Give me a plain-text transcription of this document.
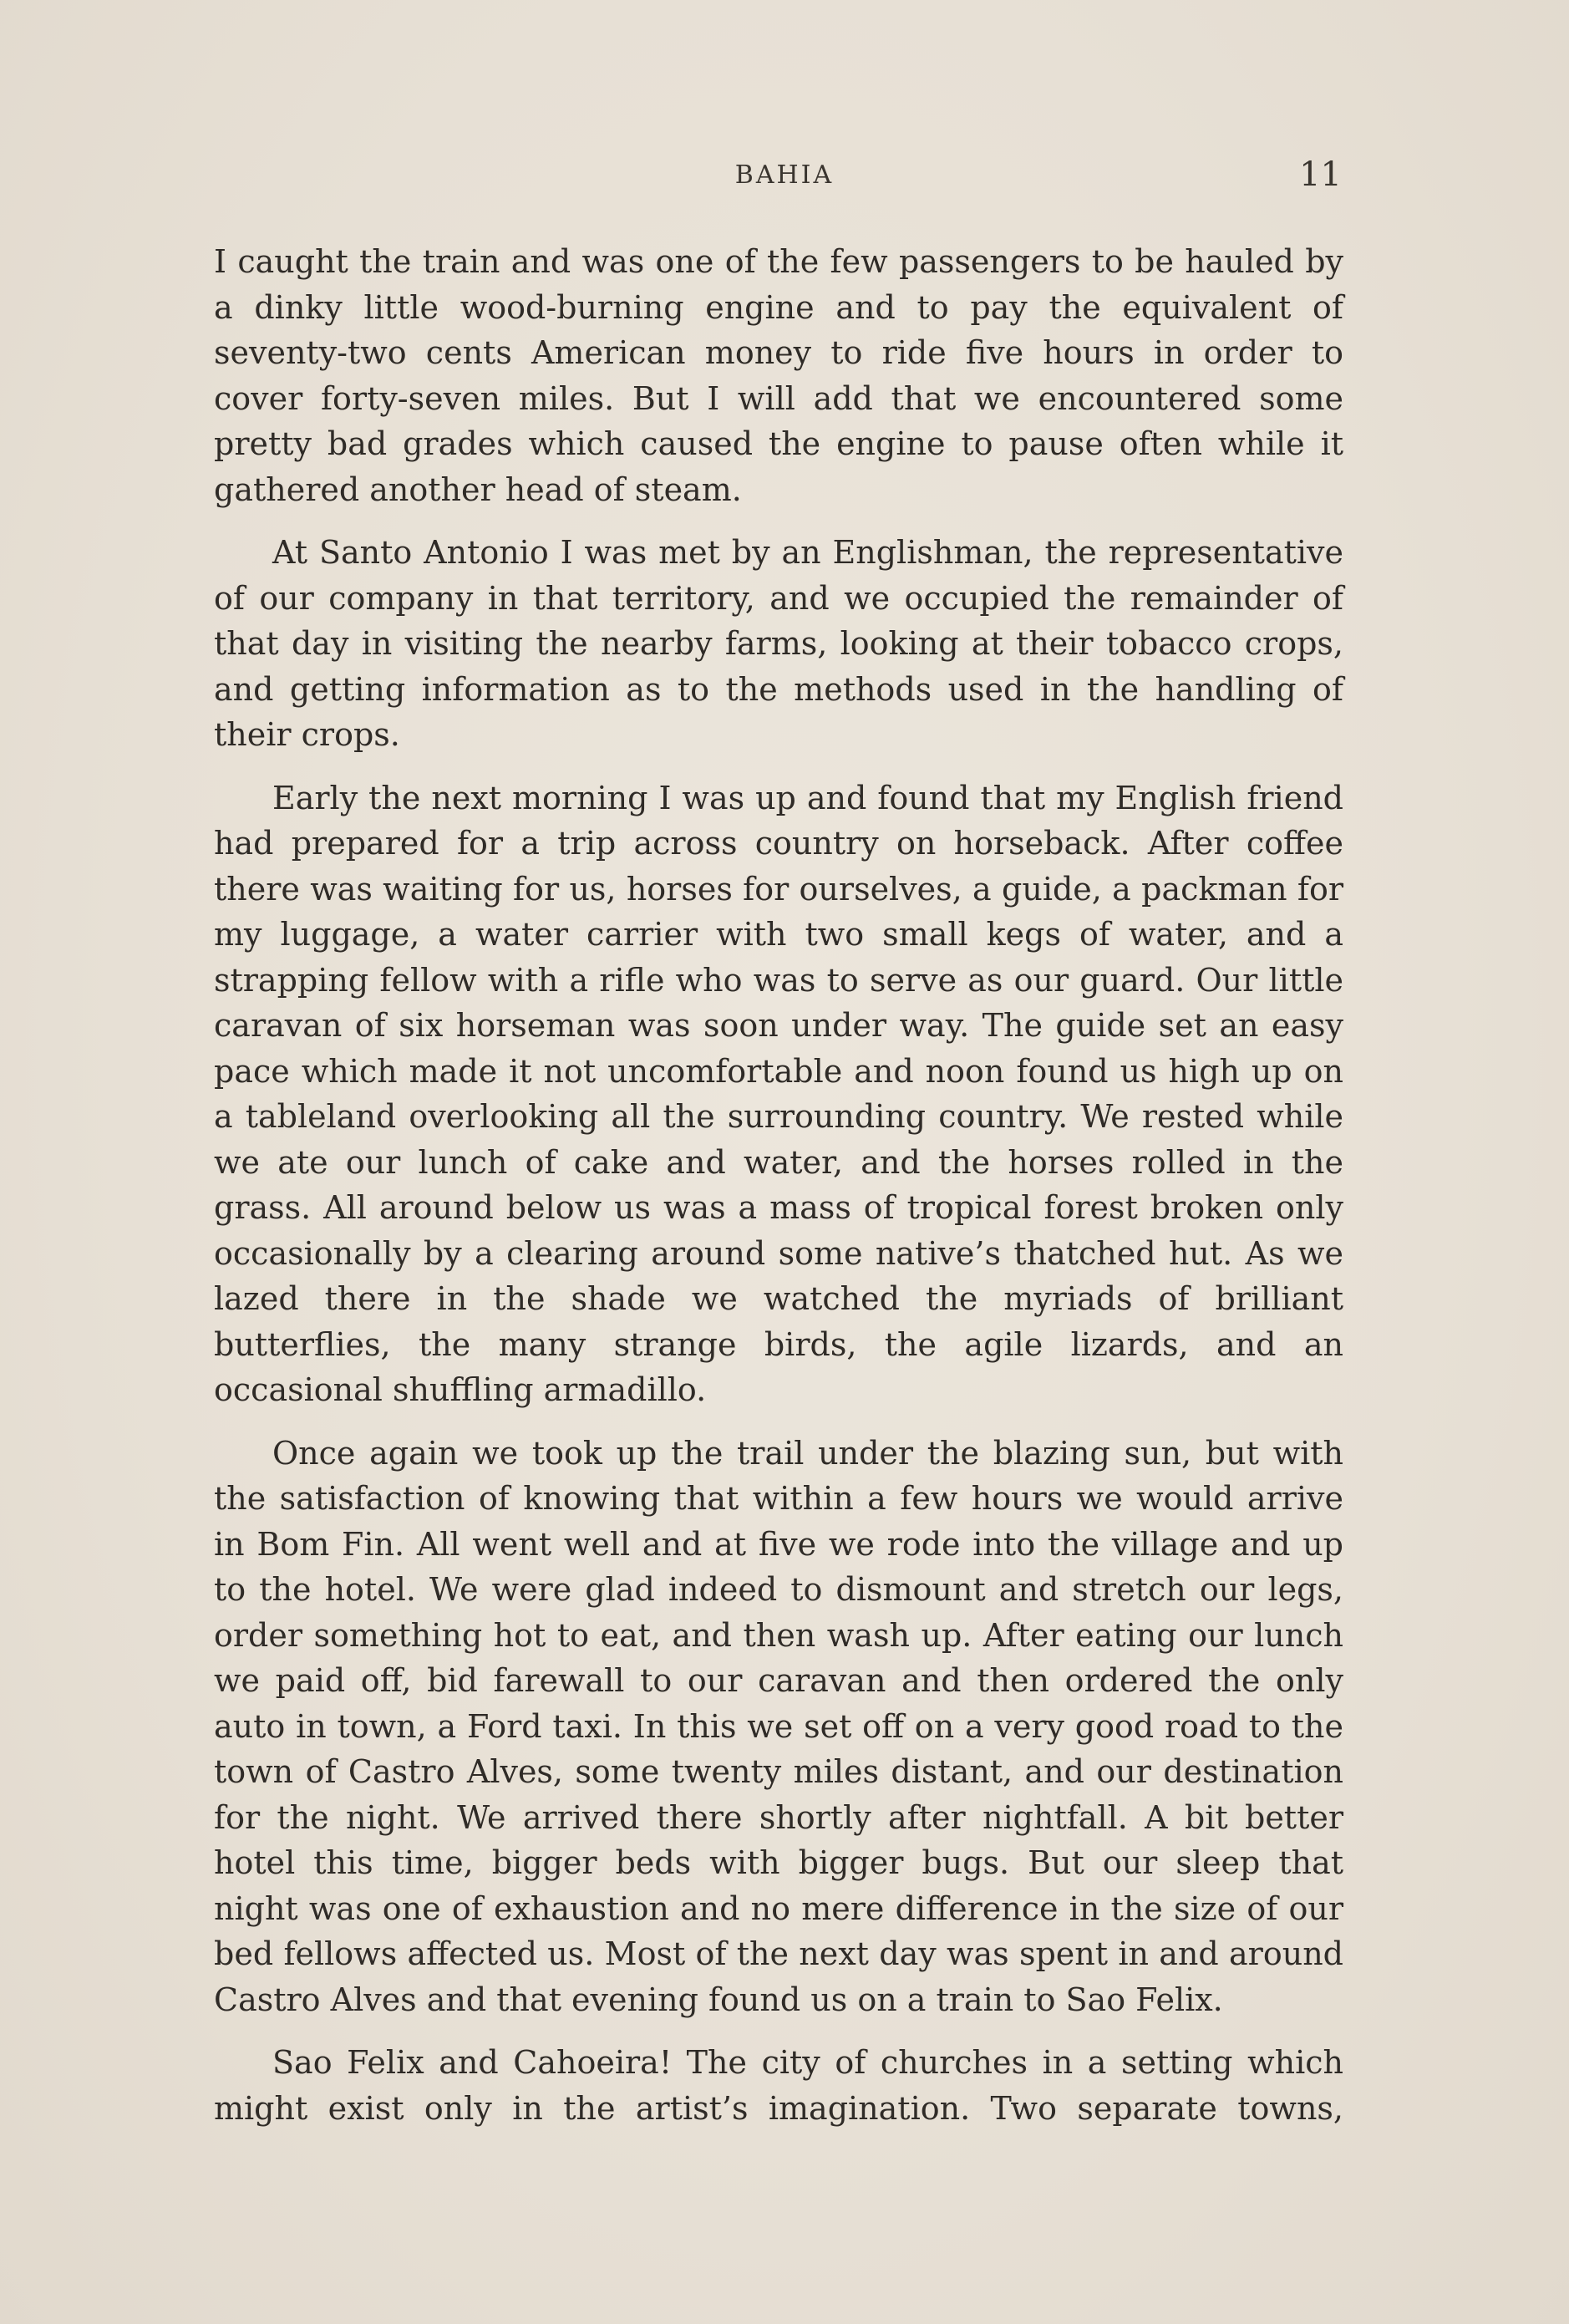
BAHIA	11

I caught the train and was one of the few passengers to be hauled by a dinky little wood-burning engine and to pay the equivalent of seventy-two cents American money to ride five hours in order to cover forty-seven miles. But I will add that we encountered some pretty bad grades which caused the engine to pause often while it gathered another head of steam.

At Santo Antonio I was met by an Englishman, the representative of our company in that territory, and we occupied the remainder of that day in visiting the nearby farms, looking at their tobacco crops, and getting information as to the methods used in the handling of their crops.

Early the next morning I was up and found that my English friend had prepared for a trip across country on horseback. After coffee there was waiting for us, horses for ourselves, a guide, a packman for my luggage, a water carrier with two small kegs of water, and a strapping fellow with a rifle who was to serve as our guard. Our little caravan of six horseman was soon under way. The guide set an easy pace which made it not uncomfortable and noon found us high up on a tableland overlooking all the surrounding country. We rested while we ate our lunch of cake and water, and the horses rolled in the grass. All around below us was a mass of tropical forest broken only occasionally by a clearing around some native’s thatched hut. As we lazed there in the shade we watched the myriads of brilliant butterflies, the many strange birds, the agile lizards, and an occasional shuffling armadillo.

Once again we took up the trail under the blazing sun, but with the satisfaction of knowing that within a few hours we would arrive in Bom Fin. All went well and at five we rode into the village and up to the hotel. We were glad indeed to dismount and stretch our legs, order something hot to eat, and then wash up. After eating our lunch we paid off, bid farewall to our caravan and then ordered the only auto in town, a Ford taxi. In this we set off on a very good road to the town of Castro Alves, some twenty miles distant, and our destination for the night. We arrived there shortly after nightfall. A bit better hotel this time, bigger beds with bigger bugs. But our sleep that night was one of exhaustion and no mere difference in the size of our bed fellows affected us. Most of the next day was spent in and around Castro Alves and that evening found us on a train to Sao Felix.

Sao Felix and Cahoeira! The city of churches in a setting which might exist only in the artist’s imagination. Two separate towns,
